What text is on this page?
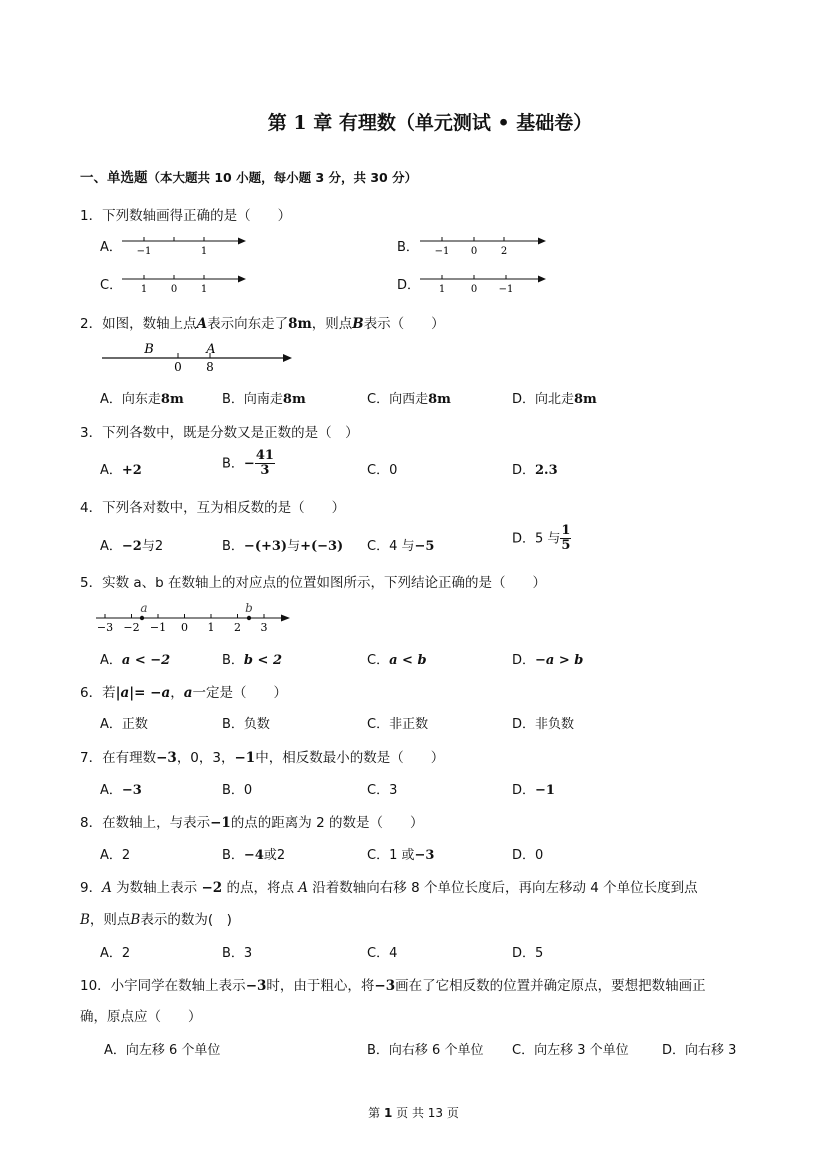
第 1 章 有理数（单元测试 • 基础卷）
一、单选题（本大题共 10 小题，每小题 3 分，共 30 分）
1．下列数轴画得正确的是（　　）
A． −1	1	B． −1 0 2
C． 1 0 1	D． 1	0 −1
2．如图，数轴上点A表示向东走了8m，则点B表示（　　）
B	A
0 8
A．向东走8m	B．向南走8m	C．向西走8m	D．向北走8m
3．下列各数中，既是分数又是正数的是（　）
A．+2	B．− $\frac{41}{3}$	C．0	D．2.3
4．下列各对数中，互为相反数的是（　　）
A．−2与2	B．−(+3)与+(−3) C．4 与−5
D．5 与 $\frac{1}{5}$
5．实数 a、b 在数轴上的对应点的位置如图所示，下列结论正确的是（　　）
−3 −2 −1 0 1 2 3
a	b
A．a < −2	B．b < 2	C．a < b	D．−a > b
6．若|a|= −a，a一定是（　　）
A．正数	B．负数	C．非正数	D．非负数
7．在有理数−3，0，3，−1中，相反数最小的数是（　　）
A．−3	B．0	C．3	D．−1
8．在数轴上，与表示−1的点的距离为 2 的数是（　　）
A．2	B．−4或2	C．1 或−3	D．0
9．A 为数轴上表示 −2 的点，将点 A 沿着数轴向右移 8 个单位长度后，再向左移动 4 个单位长度到点
B，则点B表示的数为(　)
A．2	B．3	C．4	D．5
10．小宇同学在数轴上表示−3时，由于粗心，将−3画在了它相反数的位置并确定原点，要想把数轴画正
确，原点应（　　）
A．向左移 6 个单位	B．向右移 6 个单位 C．向左移 3 个单位	D．向右移 3
第 1 页 共 13 页
